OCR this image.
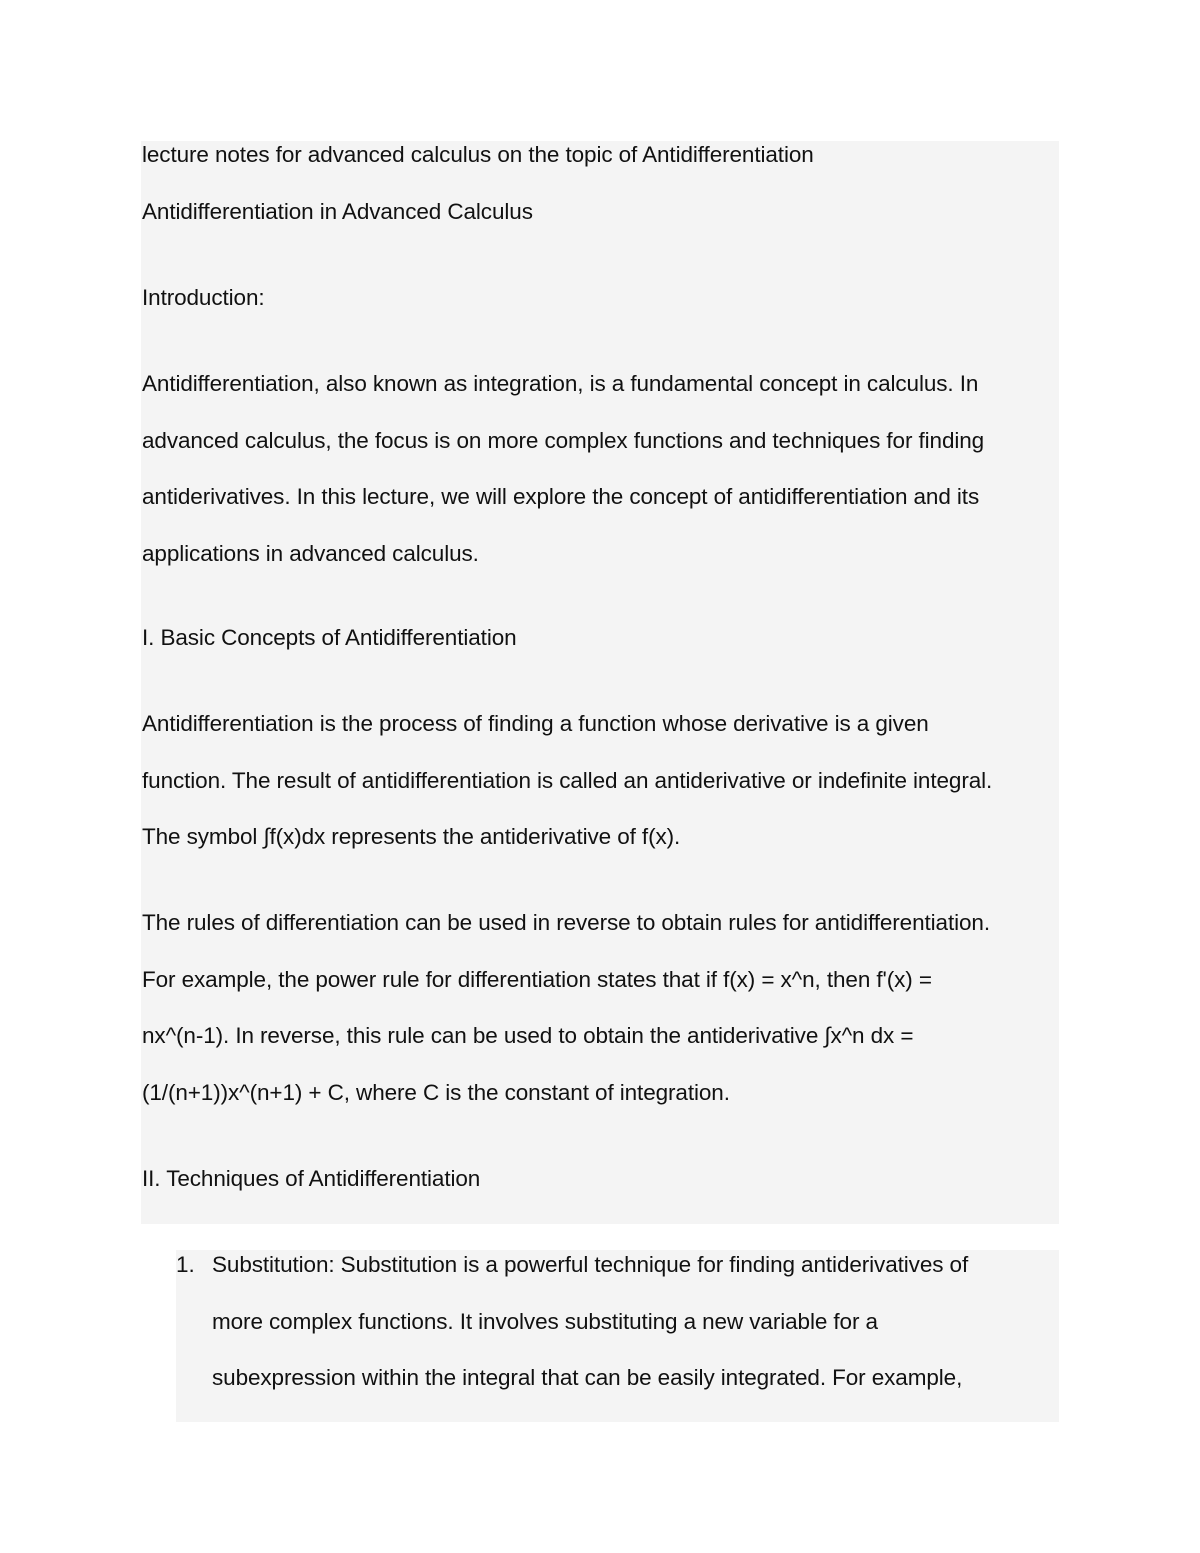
lecture notes for advanced calculus on the topic of Antidifferentiation
Antidifferentiation in Advanced Calculus
Introduction:
Antidifferentiation, also known as integration, is a fundamental concept in calculus. In
advanced calculus, the focus is on more complex functions and techniques for finding
antiderivatives. In this lecture, we will explore the concept of antidifferentiation and its
applications in advanced calculus.
I. Basic Concepts of Antidifferentiation
Antidifferentiation is the process of finding a function whose derivative is a given
function. The result of antidifferentiation is called an antiderivative or indefinite integral.
The symbol ∫f(x)dx represents the antiderivative of f(x).
The rules of differentiation can be used in reverse to obtain rules for antidifferentiation.
For example, the power rule for differentiation states that if f(x) = x^n, then f'(x) =
nx^(n-1). In reverse, this rule can be used to obtain the antiderivative ∫x^n dx =
(1/(n+1))x^(n+1) + C, where C is the constant of integration.
II. Techniques of Antidifferentiation
1. Substitution: Substitution is a powerful technique for finding antiderivatives of
more complex functions. It involves substituting a new variable for a
subexpression within the integral that can be easily integrated. For example,
